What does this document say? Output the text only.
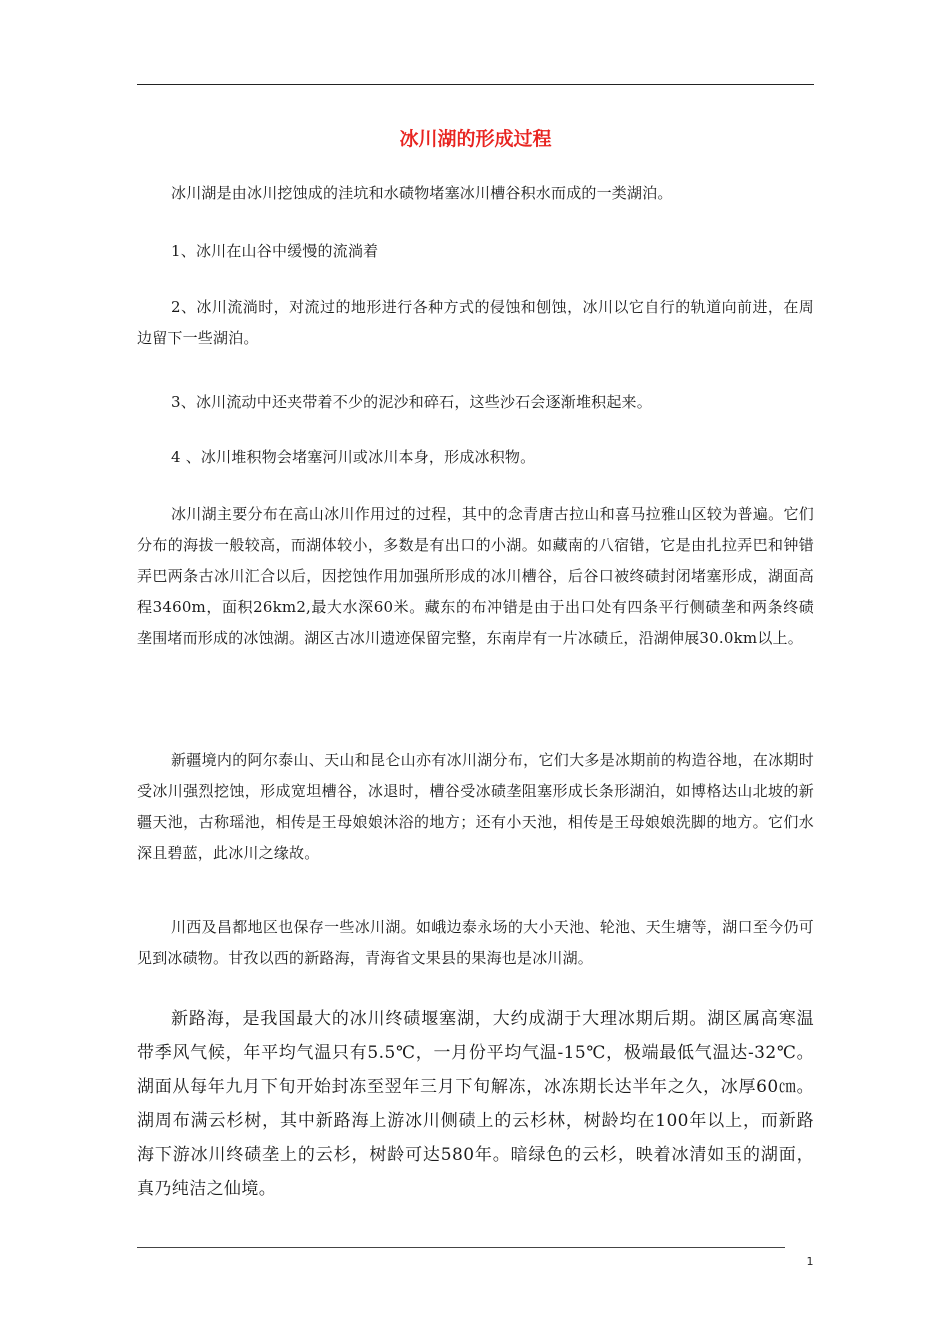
冰川湖的形成过程

冰川湖是由冰川挖蚀成的洼坑和水碛物堵塞冰川槽谷积水而成的一类湖泊。

1、冰川在山谷中缓慢的流淌着

2、冰川流淌时，对流过的地形进行各种方式的侵蚀和刨蚀，冰川以它自行的轨道向前进，在周边留下一些湖泊。

3、冰川流动中还夹带着不少的泥沙和碎石，这些沙石会逐渐堆积起来。

4 、冰川堆积物会堵塞河川或冰川本身，形成冰积物。

冰川湖主要分布在高山冰川作用过的过程，其中的念青唐古拉山和喜马拉雅山区较为普遍。它们分布的海拔一般较高，而湖体较小，多数是有出口的小湖。如藏南的八宿错，它是由扎拉弄巴和钟错弄巴两条古冰川汇合以后，因挖蚀作用加强所形成的冰川槽谷，后谷口被终碛封闭堵塞形成，湖面高程3460m，面积26km2,最大水深60米。藏东的布冲错是由于出口处有四条平行侧碛垄和两条终碛垄围堵而形成的冰蚀湖。湖区古冰川遗迹保留完整，东南岸有一片冰碛丘，沿湖伸展30.0km以上。

新疆境内的阿尔泰山、天山和昆仑山亦有冰川湖分布，它们大多是冰期前的构造谷地，在冰期时受冰川强烈挖蚀，形成宽坦槽谷，冰退时，槽谷受冰碛垄阻塞形成长条形湖泊，如博格达山北坡的新疆天池，古称瑶池，相传是王母娘娘沐浴的地方；还有小天池，相传是王母娘娘洗脚的地方。它们水深且碧蓝，此冰川之缘故。

川西及昌都地区也保存一些冰川湖。如峨边泰永场的大小天池、轮池、天生塘等，湖口至今仍可见到冰碛物。甘孜以西的新路海，青海省文果县的果海也是冰川湖。

新路海，是我国最大的冰川终碛堰塞湖，大约成湖于大理冰期后期。湖区属高寒温带季风气候，年平均气温只有5.5℃，一月份平均气温-15℃，极端最低气温达-32℃。湖面从每年九月下旬开始封冻至翌年三月下旬解冻，冰冻期长达半年之久，冰厚60㎝。湖周布满云杉树，其中新路海上游冰川侧碛上的云杉林，树龄均在100年以上，而新路海下游冰川终碛垄上的云杉，树龄可达580年。暗绿色的云杉，映着冰清如玉的湖面，真乃纯洁之仙境。

1
